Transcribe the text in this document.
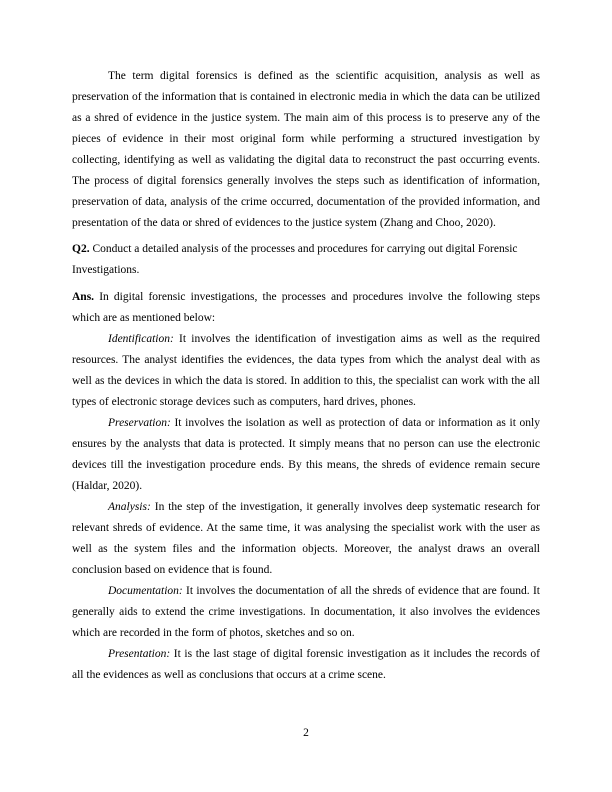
The term digital forensics is defined as the scientific acquisition, analysis as well as preservation of the information that is contained in electronic media in which the data can be utilized as a shred of evidence in the justice system. The main aim of this process is to preserve any of the pieces of evidence in their most original form while performing a structured investigation by collecting, identifying as well as validating the digital data to reconstruct the past occurring events. The process of digital forensics generally involves the steps such as identification of information, preservation of data, analysis of the crime occurred, documentation of the provided information, and presentation of the data or shred of evidences to the justice system (Zhang and Choo, 2020).

Q2. Conduct a detailed analysis of the processes and procedures for carrying out digital Forensic

Investigations.

Ans. In digital forensic investigations, the processes and procedures involve the following steps which are as mentioned below:

Identification: It involves the identification of investigation aims as well as the required resources. The analyst identifies the evidences, the data types from which the analyst deal with as well as the devices in which the data is stored. In addition to this, the specialist can work with the all types of electronic storage devices such as computers, hard drives, phones.

Preservation: It involves the isolation as well as protection of data or information as it only ensures by the analysts that data is protected. It simply means that no person can use the electronic devices till the investigation procedure ends. By this means, the shreds of evidence remain secure (Haldar, 2020).

Analysis: In the step of the investigation, it generally involves deep systematic research for relevant shreds of evidence. At the same time, it was analysing the specialist work with the user as well as the system files and the information objects. Moreover, the analyst draws an overall conclusion based on evidence that is found.

Documentation: It involves the documentation of all the shreds of evidence that are found. It generally aids to extend the crime investigations. In documentation, it also involves the evidences which are recorded in the form of photos, sketches and so on.

Presentation: It is the last stage of digital forensic investigation as it includes the records of all the evidences as well as conclusions that occurs at a crime scene.

2
